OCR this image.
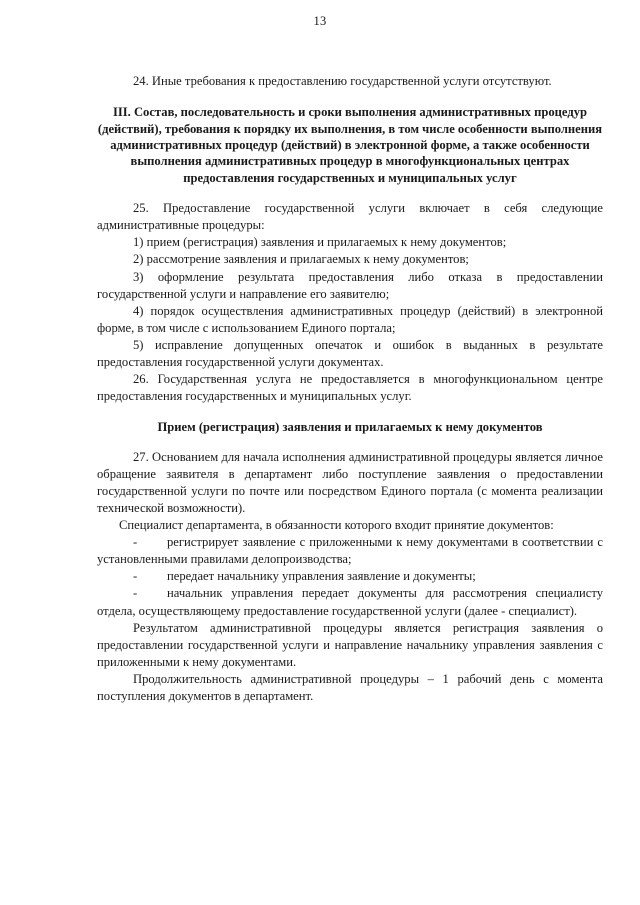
13

24. Иные требования к предоставлению государственной услуги отсутствуют.

III. Состав, последовательность и сроки выполнения административных процедур (действий), требования к порядку их выполнения, в том числе особенности выполнения административных процедур (действий) в электронной форме, а также особенности выполнения административных процедур в многофункциональных центрах предоставления государственных и муниципальных услуг

25. Предоставление государственной услуги включает в себя следующие административные процедуры:

1) прием (регистрация) заявления и прилагаемых к нему документов;

2) рассмотрение заявления и прилагаемых к нему документов;

3) оформление результата предоставления либо отказа в предоставлении государственной услуги и направление его заявителю;

4) порядок осуществления административных процедур (действий) в электронной форме, в том числе с использованием Единого портала;

5) исправление допущенных опечаток и ошибок в выданных в результате предоставления государственной услуги документах.

26. Государственная услуга не предоставляется в многофункциональном центре предоставления государственных и муниципальных услуг.

Прием (регистрация) заявления и прилагаемых к нему документов

27. Основанием для начала исполнения административной процедуры является личное обращение заявителя в департамент либо поступление заявления о предоставлении государственной услуги по почте или посредством Единого портала (с момента реализации технической возможности).

Специалист департамента, в обязанности которого входит принятие документов:

- регистрирует заявление с приложенными к нему документами в соответствии с установленными правилами делопроизводства;

- передает начальнику управления заявление и документы;

- начальник управления передает документы для рассмотрения специалисту отдела, осуществляющему предоставление государственной услуги (далее - специалист).

Результатом административной процедуры является регистрация заявления о предоставлении государственной услуги и направление начальнику управления заявления с приложенными к нему документами.

Продолжительность административной процедуры – 1 рабочий день с момента поступления документов в департамент.
